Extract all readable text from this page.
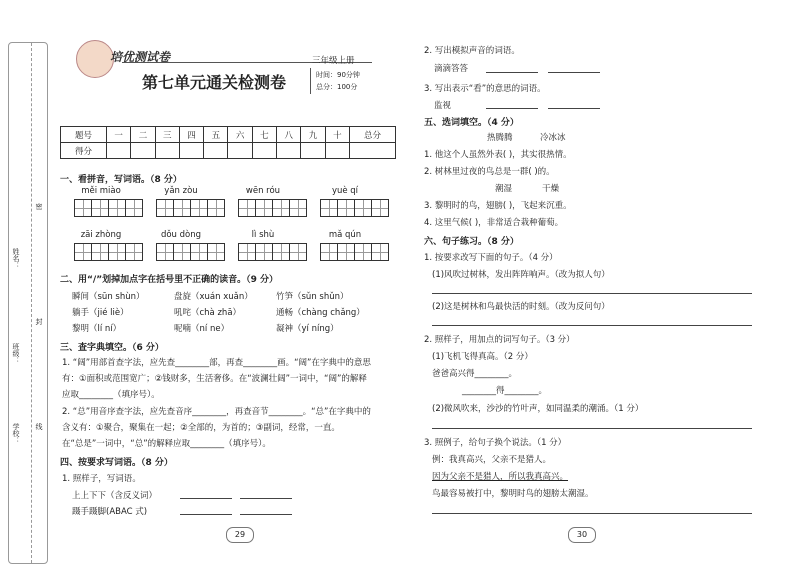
姓名：
班级：
学校：
密
封
线
培优测试卷	三年级上册
第七单元通关检测卷	时间：90分钟
总分：100分
题号	一	二	三	四	五	六	七	八	九	十	总分
得分											
一、看拼音，写词语。（8 分）
měi miào	yǎn zòu	wēn róu	yuè qí
zāi zhòng	dǒu dòng	lì shù	mǎ qún
二、用“/”划掉加点字在括号里不正确的读音。（9 分）
瞬间（sūn shùn）	盘旋（xuán xuǎn）	竹笋（sǔn shǔn）
躺手（jié liè）	吼咤（chà zhā）	通畅（chàng chǎng）
黎明（lí ní）	呢喃（ní ne）	凝神（yí níng）
三、查字典填空。（6 分）
1. “阔”用部首查字法，应先查________部，再查________画。“阔”在字典中的意思
有：①面积或范围宽广；②钱财多，生活奢侈。在“波澜壮阔”一词中，“阔”的解释
应取________（填序号）。
2. “总”用音序查字法，应先查音序________，再查音节________。“总”在字典中的
含义有：①聚合，聚集在一起；②全部的，为首的；③副词，经常，一直。
在“总是”一词中，“总”的解释应取________（填序号）。
四、按要求写词语。（8 分）
1. 照样子，写词语。
上上下下（含反义词）
蹑手蹑脚(ABAC 式)
29
2. 写出模拟声音的词语。
滴滴答答
3. 写出表示“看”的意思的词语。
监视
五、选词填空。（4 分）
热腾腾	冷冰冰
1. 他这个人虽然外表( )，其实很热情。
2. 树林里过夜的鸟总是一群( )的。
潮湿	干燥
3. 黎明时的鸟，翅膀( )，飞起来沉重。
4. 这里气候( )，非常适合栽种葡萄。
六、句子练习。（8 分）
1. 按要求改写下面的句子。（4 分）
(1)风吹过树林，发出阵阵响声。（改为拟人句）
(2)这是树林和鸟最快活的时刻。（改为反问句）
2. 照样子，用加点的词写句子。（3 分）
(1)飞机飞得真高。（2 分）
爸爸高兴得________。
________得________。
(2)微风吹来，沙沙的竹叶声，如同温柔的潮涌。（1 分）
3. 照例子，给句子换个说法。（1 分）
例：我真高兴，父亲不是猎人。
因为父亲不是猎人，所以我真高兴。
鸟最容易被打中，黎明时鸟的翅膀太潮湿。
30
